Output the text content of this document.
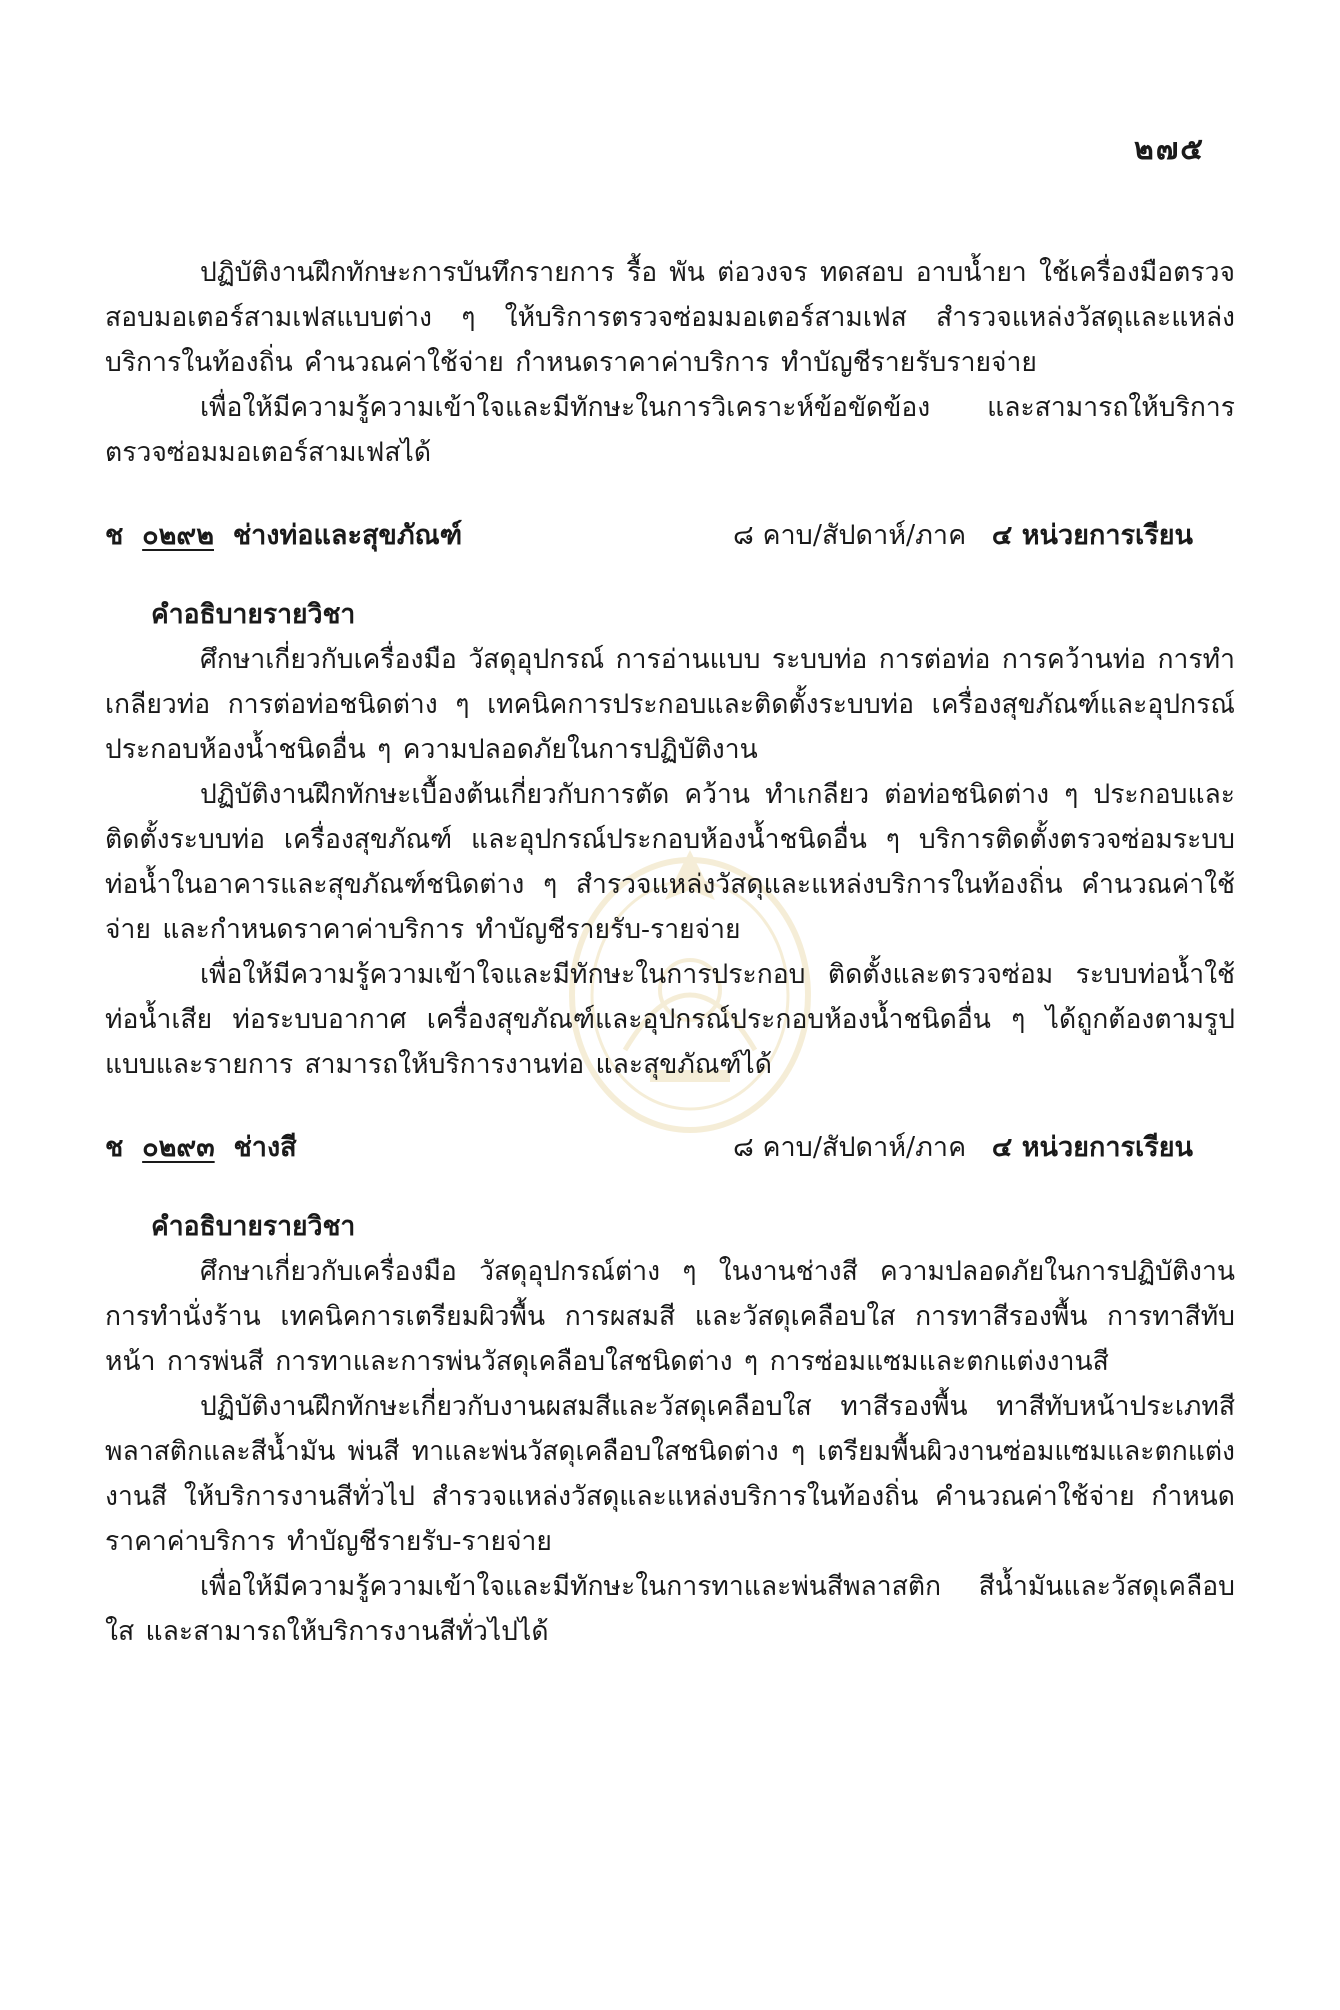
๒๗๕

ปฏิบัติงานฝึกทักษะการบันทึกรายการ รื้อ พัน ต่อวงจร ทดสอบ อาบน้ำยา ใช้เครื่องมือตรวจสอบมอเตอร์สามเฟสแบบต่าง ๆ ให้บริการตรวจซ่อมมอเตอร์สามเฟส สำรวจแหล่งวัสดุและแหล่งบริการในท้องถิ่น คำนวณค่าใช้จ่าย กำหนดราคาค่าบริการ ทำบัญชีรายรับรายจ่าย

เพื่อให้มีความรู้ความเข้าใจและมีทักษะในการวิเคราะห์ข้อขัดข้อง และสามารถให้บริการตรวจซ่อมมอเตอร์สามเฟสได้

ช ๐๒๙๒ ช่างท่อและสุขภัณฑ์	๘ คาบ/สัปดาห์/ภาค ๔ หน่วยการเรียน
คำอธิบายรายวิชา

ศึกษาเกี่ยวกับเครื่องมือ วัสดุอุปกรณ์ การอ่านแบบ ระบบท่อ การต่อท่อ การคว้านท่อ การทำเกลียวท่อ การต่อท่อชนิดต่าง ๆ เทคนิคการประกอบและติดตั้งระบบท่อ เครื่องสุขภัณฑ์และอุปกรณ์ประกอบห้องน้ำชนิดอื่น ๆ ความปลอดภัยในการปฏิบัติงาน

ปฏิบัติงานฝึกทักษะเบื้องต้นเกี่ยวกับการตัด คว้าน ทำเกลียว ต่อท่อชนิดต่าง ๆ ประกอบและติดตั้งระบบท่อ เครื่องสุขภัณฑ์ และอุปกรณ์ประกอบห้องน้ำชนิดอื่น ๆ บริการติดตั้งตรวจซ่อมระบบท่อน้ำในอาคารและสุขภัณฑ์ชนิดต่าง ๆ สำรวจแหล่งวัสดุและแหล่งบริการในท้องถิ่น คำนวณค่าใช้จ่าย และกำหนดราคาค่าบริการ ทำบัญชีรายรับ-รายจ่าย

เพื่อให้มีความรู้ความเข้าใจและมีทักษะในการประกอบ ติดตั้งและตรวจซ่อม ระบบท่อน้ำใช้ท่อน้ำเสีย ท่อระบบอากาศ เครื่องสุขภัณฑ์และอุปกรณ์ประกอบห้องน้ำชนิดอื่น ๆ ได้ถูกต้องตามรูปแบบและรายการ สามารถให้บริการงานท่อ และสุขภัณฑ์ได้

ช ๐๒๙๓ ช่างสี	๘ คาบ/สัปดาห์/ภาค ๔ หน่วยการเรียน
คำอธิบายรายวิชา

ศึกษาเกี่ยวกับเครื่องมือ วัสดุอุปกรณ์ต่าง ๆ ในงานช่างสี ความปลอดภัยในการปฏิบัติงาน การทำนั่งร้าน เทคนิคการเตรียมผิวพื้น การผสมสี และวัสดุเคลือบใส การทาสีรองพื้น การทาสีทับหน้า การพ่นสี การทาและการพ่นวัสดุเคลือบใสชนิดต่าง ๆ การซ่อมแซมและตกแต่งงานสี

ปฏิบัติงานฝึกทักษะเกี่ยวกับงานผสมสีและวัสดุเคลือบใส ทาสีรองพื้น ทาสีทับหน้าประเภทสีพลาสติกและสีน้ำมัน พ่นสี ทาและพ่นวัสดุเคลือบใสชนิดต่าง ๆ เตรียมพื้นผิวงานซ่อมแซมและตกแต่งงานสี ให้บริการงานสีทั่วไป สำรวจแหล่งวัสดุและแหล่งบริการในท้องถิ่น คำนวณค่าใช้จ่าย กำหนดราคาค่าบริการ ทำบัญชีรายรับ-รายจ่าย

เพื่อให้มีความรู้ความเข้าใจและมีทักษะในการทาและพ่นสีพลาสติก สีน้ำมันและวัสดุเคลือบใส และสามารถให้บริการงานสีทั่วไปได้
